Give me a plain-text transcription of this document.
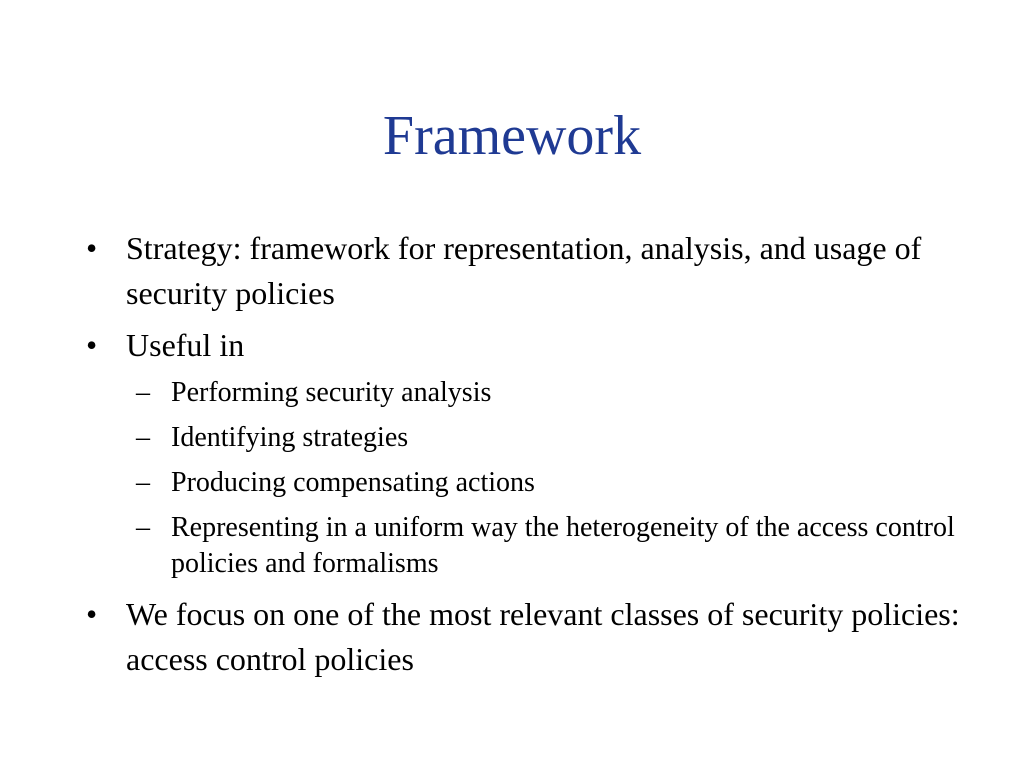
Framework
• Strategy: framework for representation, analysis, and usage of security policies
• Useful in
– Performing security analysis
– Identifying strategies
– Producing compensating actions
– Representing in a uniform way the heterogeneity of the access control policies and formalisms
• We focus on one of the most relevant classes of security policies: access control policies
